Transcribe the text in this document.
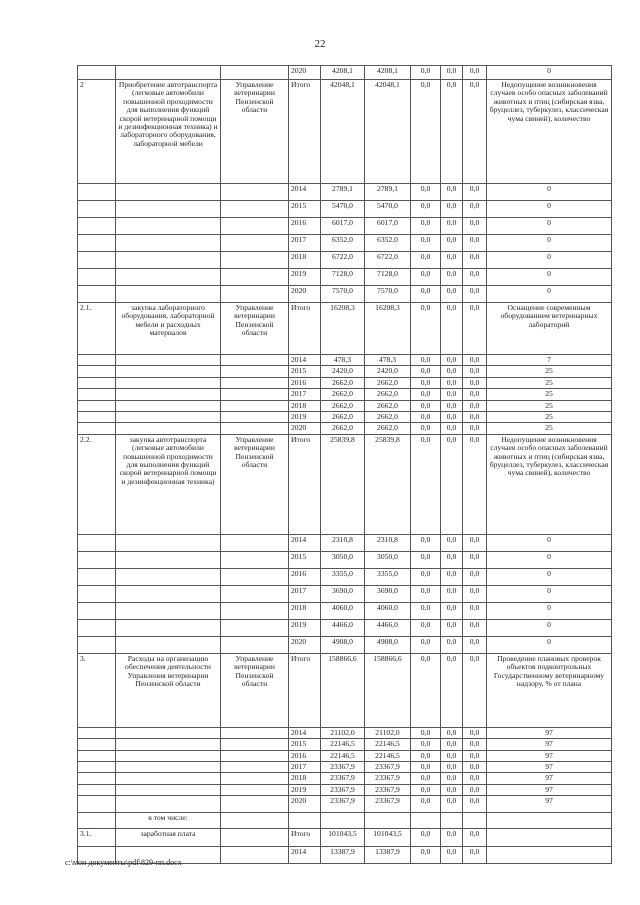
22
			2020	4208,1	4208,1	0,0	0,0	0,0	0
2	Приобретение автотранспорта (легковые автомобили повышенной проходимости для выполнения функций скорой ветеринарной помощи и дезинфекционная техника) и лабораторного оборудования, лабораторной мебели	Управление ветеринарии Пензенской области	Итого	42048,1	42048,1	0,0	0,0	0,0	Недопущение возникновения случаев особо опасных заболеваний животных и птиц (сибирская язва, бруцеллез, туберкулез, классическая чума свиней), количество
			2014	2789,1	2789,1	0,0	0,0	0,0	0
			2015	5470,0	5470,0	0,0	0,0	0,0	0
			2016	6017,0	6017,0	0,0	0,0	0,0	0
			2017	6352,0	6352,0	0,0	0,0	0,0	0
			2018	6722,0	6722,0	0,0	0,0	0,0	0
			2019	7128,0	7128,0	0,0	0,0	0,0	0
			2020	7570,0	7570,0	0,0	0,0	0,0	0
2.1.	закупка лабораторного оборудования, лабораторной мебели и расходных материалов	Управление ветеринарии Пензенской области	Итого	16208,3	16208,3	0,0	0,0	0,0	Оснащение современным оборудованием ветеринарных лабораторий
			2014	478,3	478,3	0,0	0,0	0,0	7
			2015	2420,0	2420,0	0,0	0,0	0,0	25
			2016	2662,0	2662,0	0,0	0,0	0,0	25
			2017	2662,0	2662,0	0,0	0,0	0,0	25
			2018	2662,0	2662,0	0,0	0,0	0,0	25
			2019	2662,0	2662,0	0,0	0,0	0,0	25
			2020	2662,0	2662,0	0,0	0,0	0,0	25
2.2.	закупка автотранспорта (легковые автомобили повышенной проходимости для выполнения функций скорой ветеринарной помощи и дезинфекционная техника)	Управление ветеринарии Пензенской области	Итого	25839,8	25839,8	0,0	0,0	0,0	Недопущение возникновения случаев особо опасных заболеваний животных и птиц (сибирская язва, бруцеллез, туберкулез, классическая чума свиней), количество
			2014	2310,8	2310,8	0,0	0,0	0,0	0
			2015	3050,0	3050,0	0,0	0,0	0,0	0
			2016	3355,0	3355,0	0,0	0,0	0,0	0
			2017	3690,0	3690,0	0,0	0,0	0,0	0
			2018	4060,0	4060,0	0,0	0,0	0,0	0
			2019	4466,0	4466,0	0,0	0,0	0,0	0
			2020	4908,0	4908,0	0,0	0,0	0,0	0
3.	Расходы на организацию обеспечения деятельности Управления ветеринарии Пензенской области	Управление ветеринарии Пензенской области	Итого	158866,6	158866,6	0,0	0,0	0,0	Проведение плановых проверок объектов подконтрольных Государственному ветеринарному надзору, % от плана
			2014	21102,0	21102,0	0,0	0,0	0,0	97
			2015	22146,5	22146,5	0,0	0,0	0,0	97
			2016	22146,5	22146,5	0,0	0,0	0,0	97
			2017	23367,9	23367,9	0,0	0,0	0,0	97
			2018	23367,9	23367,9	0,0	0,0	0,0	97
			2019	23367,9	23367,9	0,0	0,0	0,0	97
			2020	23367,9	23367,9	0,0	0,0	0,0	97
	в том числе:								
3.1.	заработная плата		Итого	101043,5	101043,5	0,0	0,0	0,0	
			2014	13387,9	13387,9	0,0	0,0	0,0	
c:\мои документы\pdf\829-пп.docx
